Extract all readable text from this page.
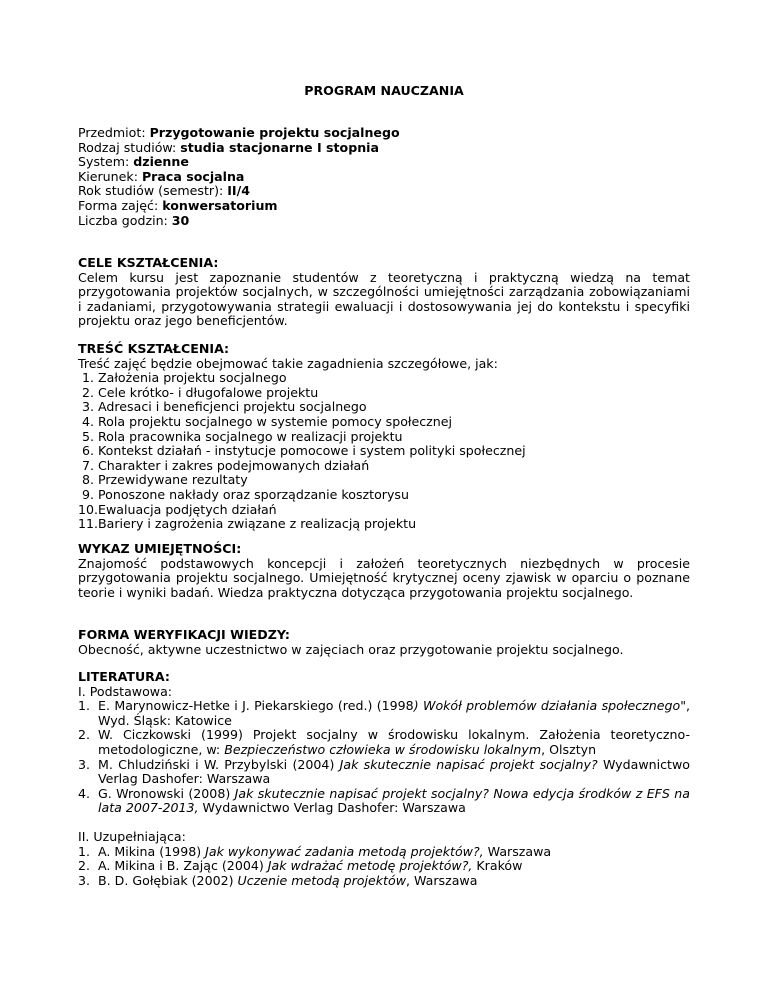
PROGRAM NAUCZANIA
Przedmiot: Przygotowanie projektu socjalnego
Rodzaj studiów: studia stacjonarne I stopnia
System: dzienne
Kierunek: Praca socjalna
Rok studiów (semestr): II/4
Forma zajęć: konwersatorium
Liczba godzin: 30
CELE KSZTAŁCENIA:

Celem kursu jest zapoznanie studentów z teoretyczną i praktyczną wiedzą na temat przygotowania projektów socjalnych, w szczególności umiejętności zarządzania zobowiązaniami i zadaniami, przygotowywania strategii ewaluacji i dostosowywania jej do kontekstu i specyfiki projektu oraz jego beneficjentów.

TREŚĆ KSZTAŁCENIA:

Treść zajęć będzie obejmować takie zagadnienia szczegółowe, jak:

1. Założenia projektu socjalnego
2. Cele krótko- i długofalowe projektu
3. Adresaci i beneficjenci projektu socjalnego
4. Rola projektu socjalnego w systemie pomocy społecznej
5. Rola pracownika socjalnego w realizacji projektu
6. Kontekst działań - instytucje pomocowe i system polityki społecznej
7. Charakter i zakres podejmowanych działań
8. Przewidywane rezultaty
9. Ponoszone nakłady oraz sporządzanie kosztorysu
10. Ewaluacja podjętych działań
11. Bariery i zagrożenia związane z realizacją projektu
WYKAZ UMIEJĘTNOŚCI:

Znajomość podstawowych koncepcji i założeń teoretycznych niezbędnych w procesie przygotowania projektu socjalnego. Umiejętność krytycznej oceny zjawisk w oparciu o poznane teorie i wyniki badań. Wiedza praktyczna dotycząca przygotowania projektu socjalnego.

FORMA WERYFIKACJI WIEDZY:

Obecność, aktywne uczestnictwo w zajęciach oraz przygotowanie projektu socjalnego.

LITERATURA:
I. Podstawowa:
1. E. Marynowicz-Hetke i J. Piekarskiego (red.) (1998) Wokół problemów działania społecznego", Wyd. Śląsk: Katowice
2. W. Ciczkowski (1999) Projekt socjalny w środowisku lokalnym. Założenia teoretyczno-metodologiczne, w: Bezpieczeństwo człowieka w środowisku lokalnym, Olsztyn
3. M. Chludziński i W. Przybylski (2004) Jak skutecznie napisać projekt socjalny? Wydawnictwo Verlag Dashofer: Warszawa
4. G. Wronowski (2008) Jak skutecznie napisać projekt socjalny? Nowa edycja środków z EFS na lata 2007-2013, Wydawnictwo Verlag Dashofer: Warszawa
II. Uzupełniająca:
1. A. Mikina (1998) Jak wykonywać zadania metodą projektów?, Warszawa
2. A. Mikina i B. Zając (2004) Jak wdrażać metodę projektów?, Kraków
3. B. D. Gołębiak (2002) Uczenie metodą projektów, Warszawa
